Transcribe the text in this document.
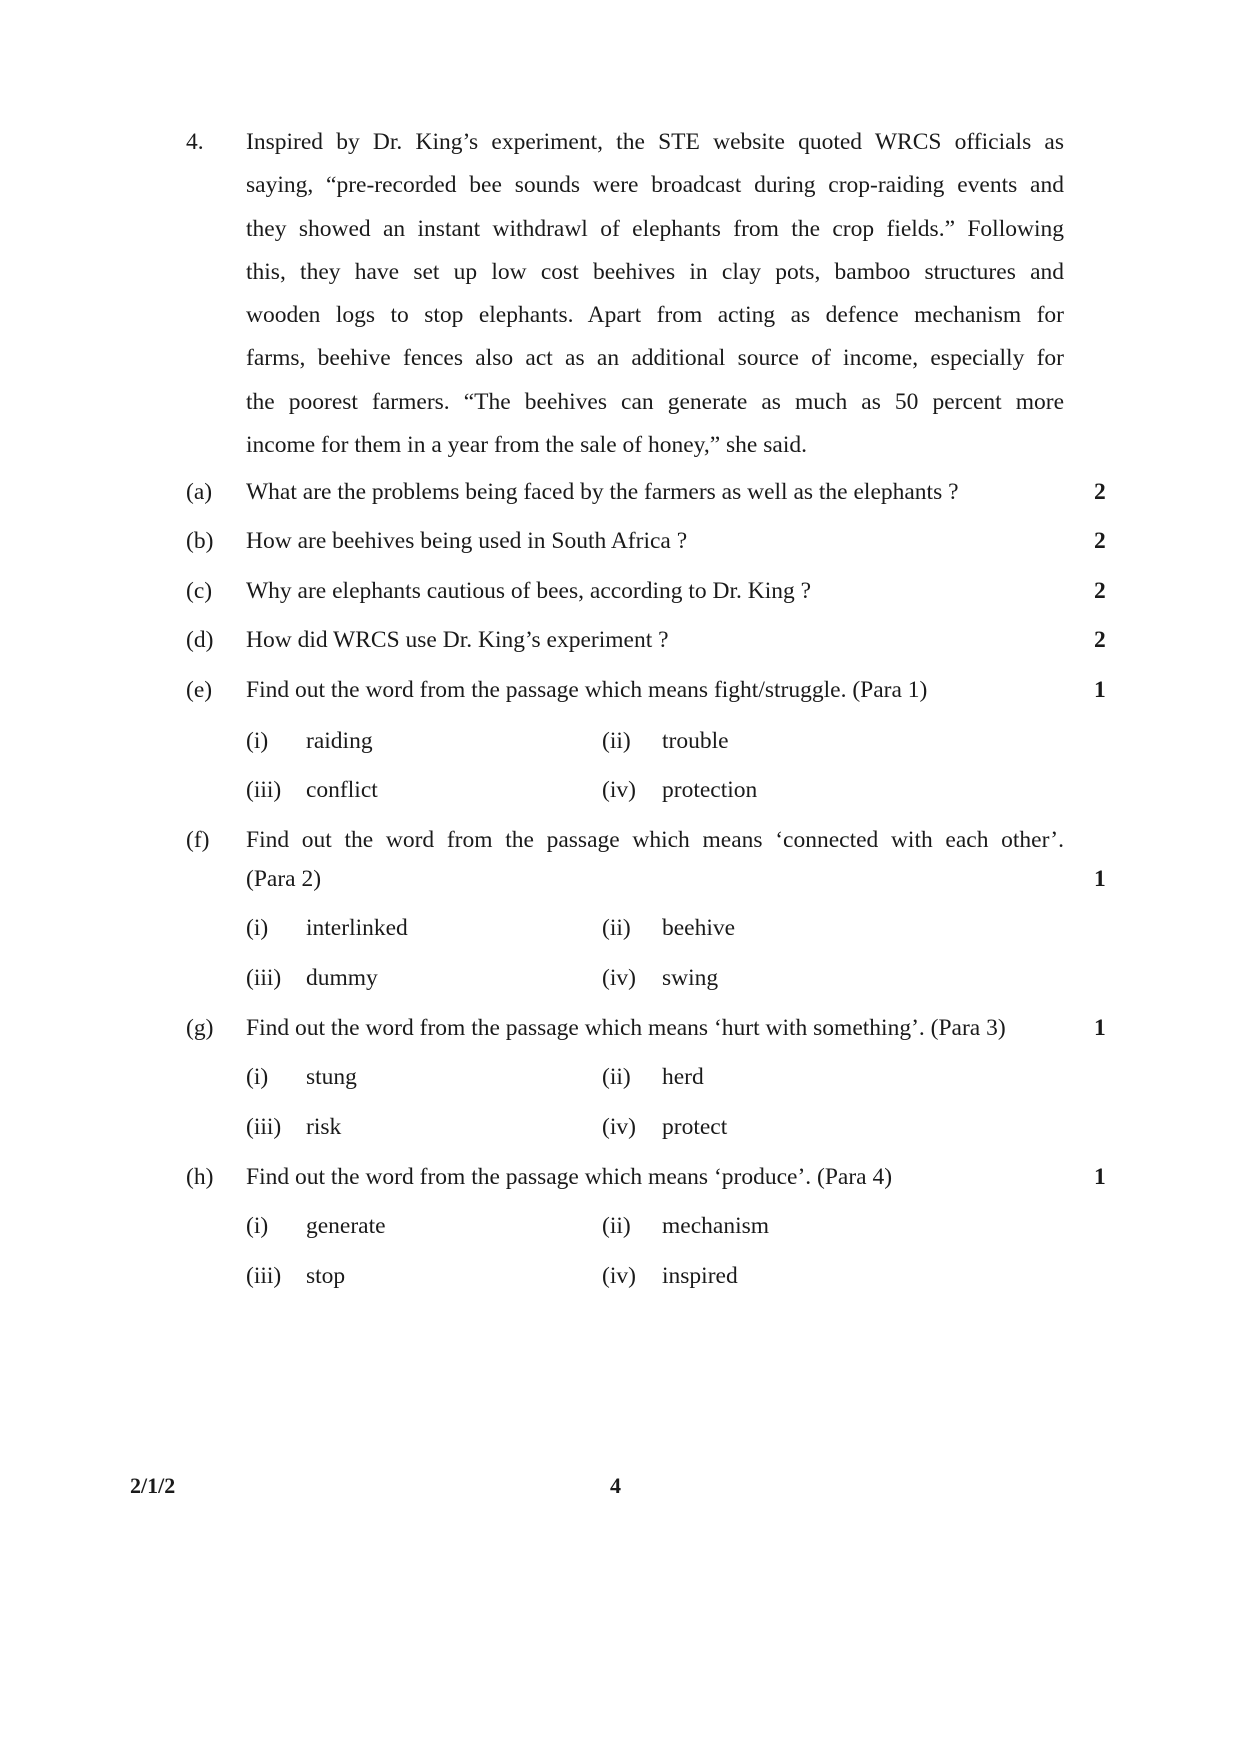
4. Inspired by Dr. King’s experiment, the STE website quoted WRCS officials as
saying, “pre-recorded bee sounds were broadcast during crop-raiding events and
they showed an instant withdrawl of elephants from the crop fields.” Following
this, they have set up low cost beehives in clay pots, bamboo structures and
wooden logs to stop elephants. Apart from acting as defence mechanism for
farms, beehive fences also act as an additional source of income, especially for
the poorest farmers. “The beehives can generate as much as 50 percent more
income for them in a year from the sale of honey,” she said.
(a) What are the problems being faced by the farmers as well as the elephants ?	2
(b) How are beehives being used in South Africa ?	2
(c) Why are elephants cautious of bees, according to Dr. King ?	2
(d) How did WRCS use Dr. King’s experiment ?	2
(e) Find out the word from the passage which means fight/struggle. (Para 1)	1
(i) raiding	(ii) trouble
(iii) conflict	(iv) protection
(f) Find out the word from the passage which means ‘connected with each other’.
(Para 2)	1
(i) interlinked	(ii) beehive
(iii) dummy	(iv) swing
(g) Find out the word from the passage which means ‘hurt with something’. (Para 3)	1
(i) stung	(ii) herd
(iii) risk	(iv) protect
(h) Find out the word from the passage which means ‘produce’. (Para 4)	1
(i) generate	(ii) mechanism
(iii) stop	(iv) inspired
2/1/2	4
